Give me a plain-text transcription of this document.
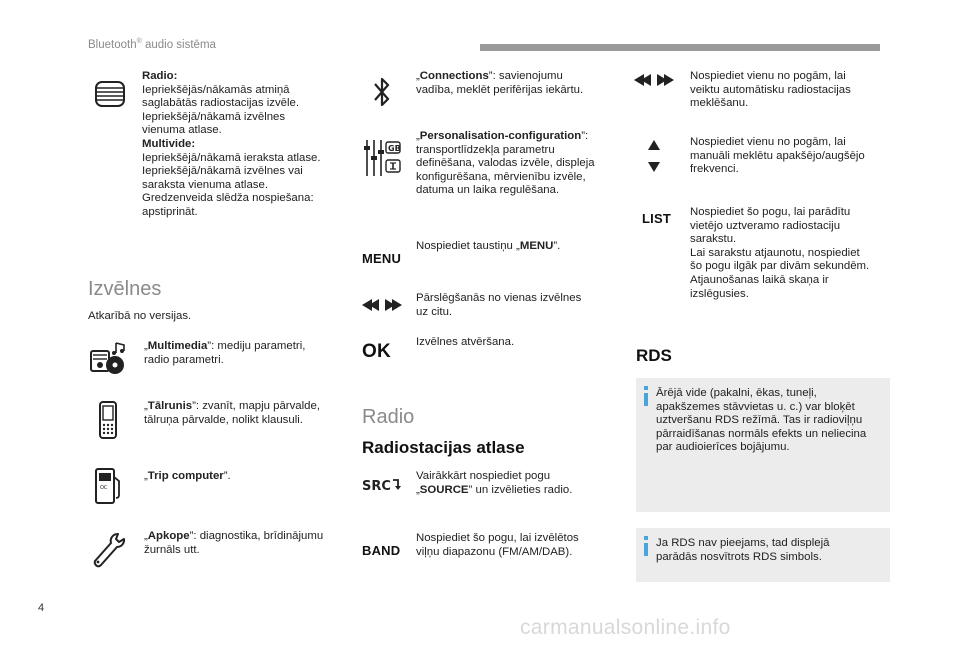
Bluetooth® audio sistēma
Radio:
Iepriekšējās/nākamās atmiņā
saglabātās radiostacijas izvēle.
Iepriekšējā/nākamā izvēlnes
vienuma atlase.
Multivide:
Iepriekšējā/nākamā ieraksta atlase.
Iepriekšējā/nākamā izvēlnes vai
saraksta vienuma atlase.
Gredzenveida slēdža nospiešana:
apstiprināt.
Izvēlnes
Atkarībā no versijas.
„Multimedia”: mediju parametri,
radio parametri.
„Tālrunis”: zvanīt, mapju pārvalde,
tālruņa pārvalde, nolikt klausuli.
OC
„Trip computer”.
„Apkope”: diagnostika, brīdinājumu
žurnāls utt.
„Connections”: savienojumu
vadība, meklēt perifērijas iekārtu.
GB
„Personalisation-configuration”:
transportlīdzekļa parametru
definēšana, valodas izvēle, displeja
konfigurēšana, mērvienību izvēle,
datuma un laika regulēšana.
MENU
Nospiediet taustiņu „MENU”.
Pārslēgšanās no vienas izvēlnes
uz citu.
OK	Izvēlnes atvēršana.
Radio
Radiostacijas atlase
SRC
Vairākkārt nospiediet pogu
„SOURCE” un izvēlieties radio.
BAND
Nospiediet šo pogu, lai izvēlētos
viļņu diapazonu (FM/AM/DAB).
Nospiediet vienu no pogām, lai
veiktu automātisku radiostacijas
meklēšanu.
Nospiediet vienu no pogām, lai
manuāli meklētu apakšējo/augšējo
frekvenci.
LIST	Nospiediet šo pogu, lai parādītu
vietējo uztveramo radiostaciju
sarakstu.
Lai sarakstu atjaunotu, nospiediet
šo pogu ilgāk par divām sekundēm.
Atjaunošanas laikā skaņa ir
izslēgusies.
RDS
Ārējā vide (pakalni, ēkas, tuneļi,
apakšzemes stāvvietas u. c.) var bloķēt
uztveršanu RDS režīmā. Tas ir radioviļņu
pārraidīšanas normāls efekts un neliecina
par audioierīces bojājumu.
Ja RDS nav pieejams, tad displejā
parādās nosvītrots RDS simbols.
4
carmanualsonline.info
